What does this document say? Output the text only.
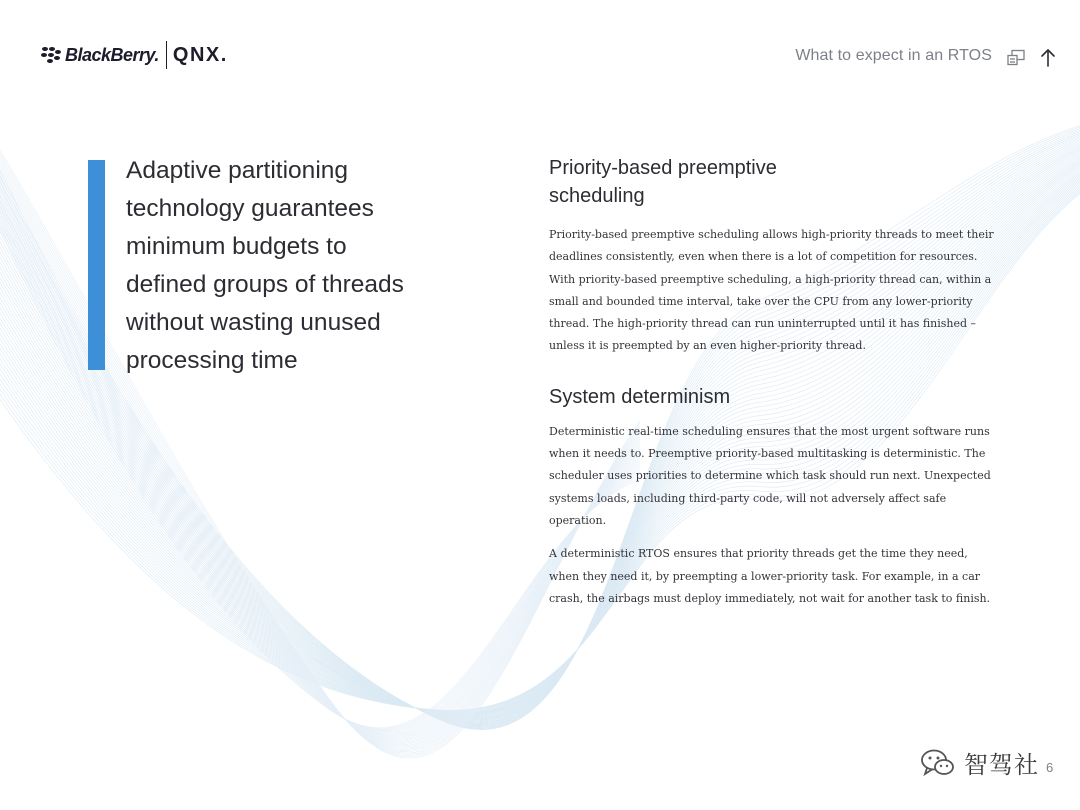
BlackBerry. QNX.	What to expect in an RTOS

Adaptive partitioning technology guarantees minimum budgets to defined groups of threads without wasting unused processing time

Priority-based preemptive scheduling

Priority-based preemptive scheduling allows high-priority threads to meet their deadlines consistently, even when there is a lot of competition for resources. With priority-based preemptive scheduling, a high-priority thread can, within a small and bounded time interval, take over the CPU from any lower-priority thread. The high-priority thread can run uninterrupted until it has finished – unless it is preempted by an even higher-priority thread.

System determinism

Deterministic real-time scheduling ensures that the most urgent software runs when it needs to. Preemptive priority-based multitasking is deterministic. The scheduler uses priorities to determine which task should run next. Unexpected systems loads, including third-party code, will not adversely affect safe operation.

A deterministic RTOS ensures that priority threads get the time they need, when they need it, by preempting a lower-priority task. For example, in a car crash, the airbags must deploy immediately, not wait for another task to finish.

智驾社 6
